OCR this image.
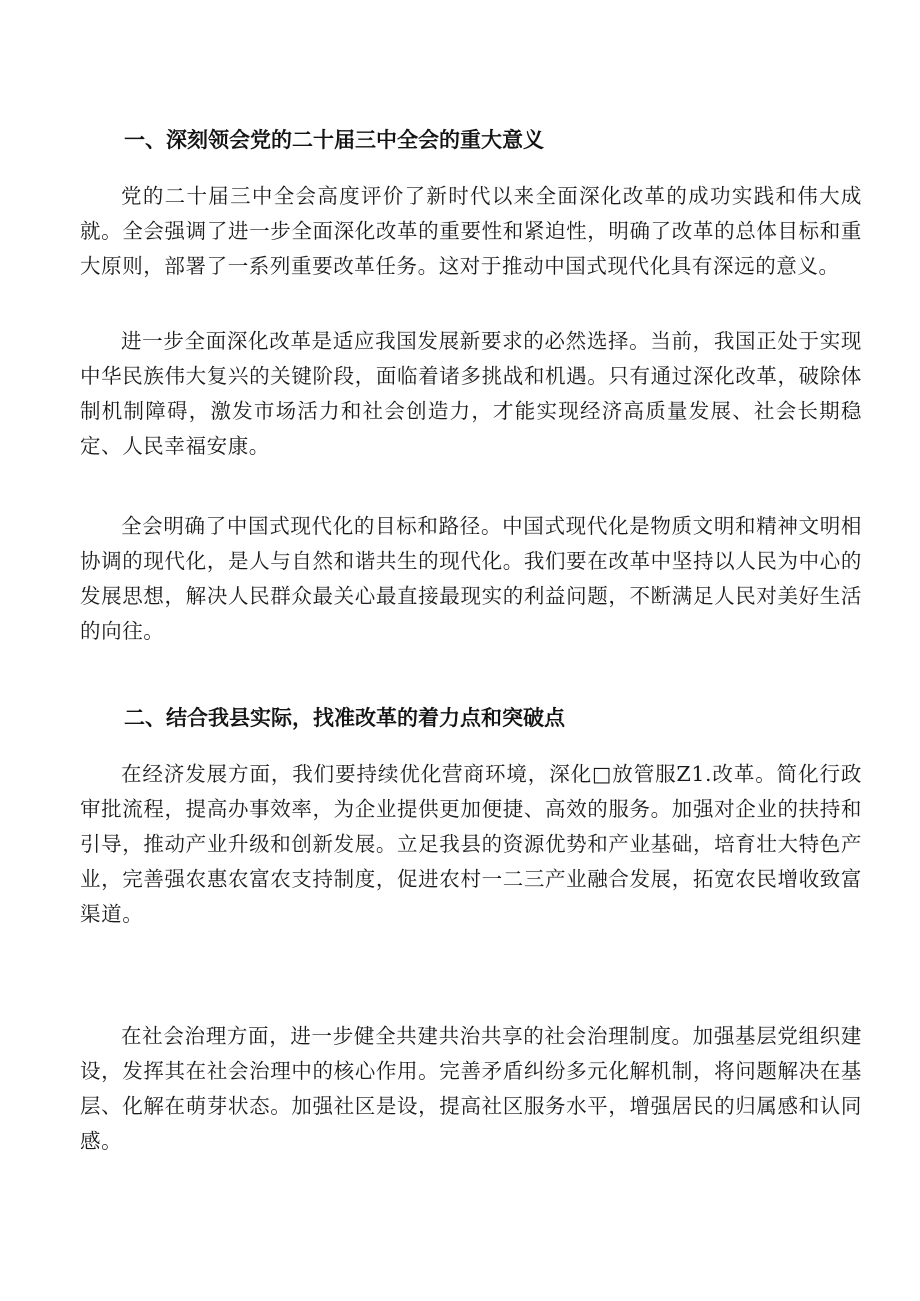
一、深刻领会党的二十届三中全会的重大意义

党的二十届三中全会高度评价了新时代以来全面深化改革的成功实践和伟大成就。全会强调了进一步全面深化改革的重要性和紧迫性，明确了改革的总体目标和重大原则，部署了一系列重要改革任务。这对于推动中国式现代化具有深远的意义。

进一步全面深化改革是适应我国发展新要求的必然选择。当前，我国正处于实现中华民族伟大复兴的关键阶段，面临着诸多挑战和机遇。只有通过深化改革，破除体制机制障碍，激发市场活力和社会创造力，才能实现经济高质量发展、社会长期稳定、人民幸福安康。

全会明确了中国式现代化的目标和路径。中国式现代化是物质文明和精神文明相协调的现代化，是人与自然和谐共生的现代化。我们要在改革中坚持以人民为中心的发展思想，解决人民群众最关心最直接最现实的利益问题，不断满足人民对美好生活的向往。

二、结合我县实际，找准改革的着力点和突破点

在经济发展方面，我们要持续优化营商环境，深化□放管服Z1.改革。简化行政审批流程，提高办事效率，为企业提供更加便捷、高效的服务。加强对企业的扶持和引导，推动产业升级和创新发展。立足我县的资源优势和产业基础，培育壮大特色产业，完善强农惠农富农支持制度，促进农村一二三产业融合发展，拓宽农民增收致富渠道。

在社会治理方面，进一步健全共建共治共享的社会治理制度。加强基层党组织建设，发挥其在社会治理中的核心作用。完善矛盾纠纷多元化解机制，将问题解决在基层、化解在萌芽状态。加强社区是设，提高社区服务水平，增强居民的归属感和认同感。
